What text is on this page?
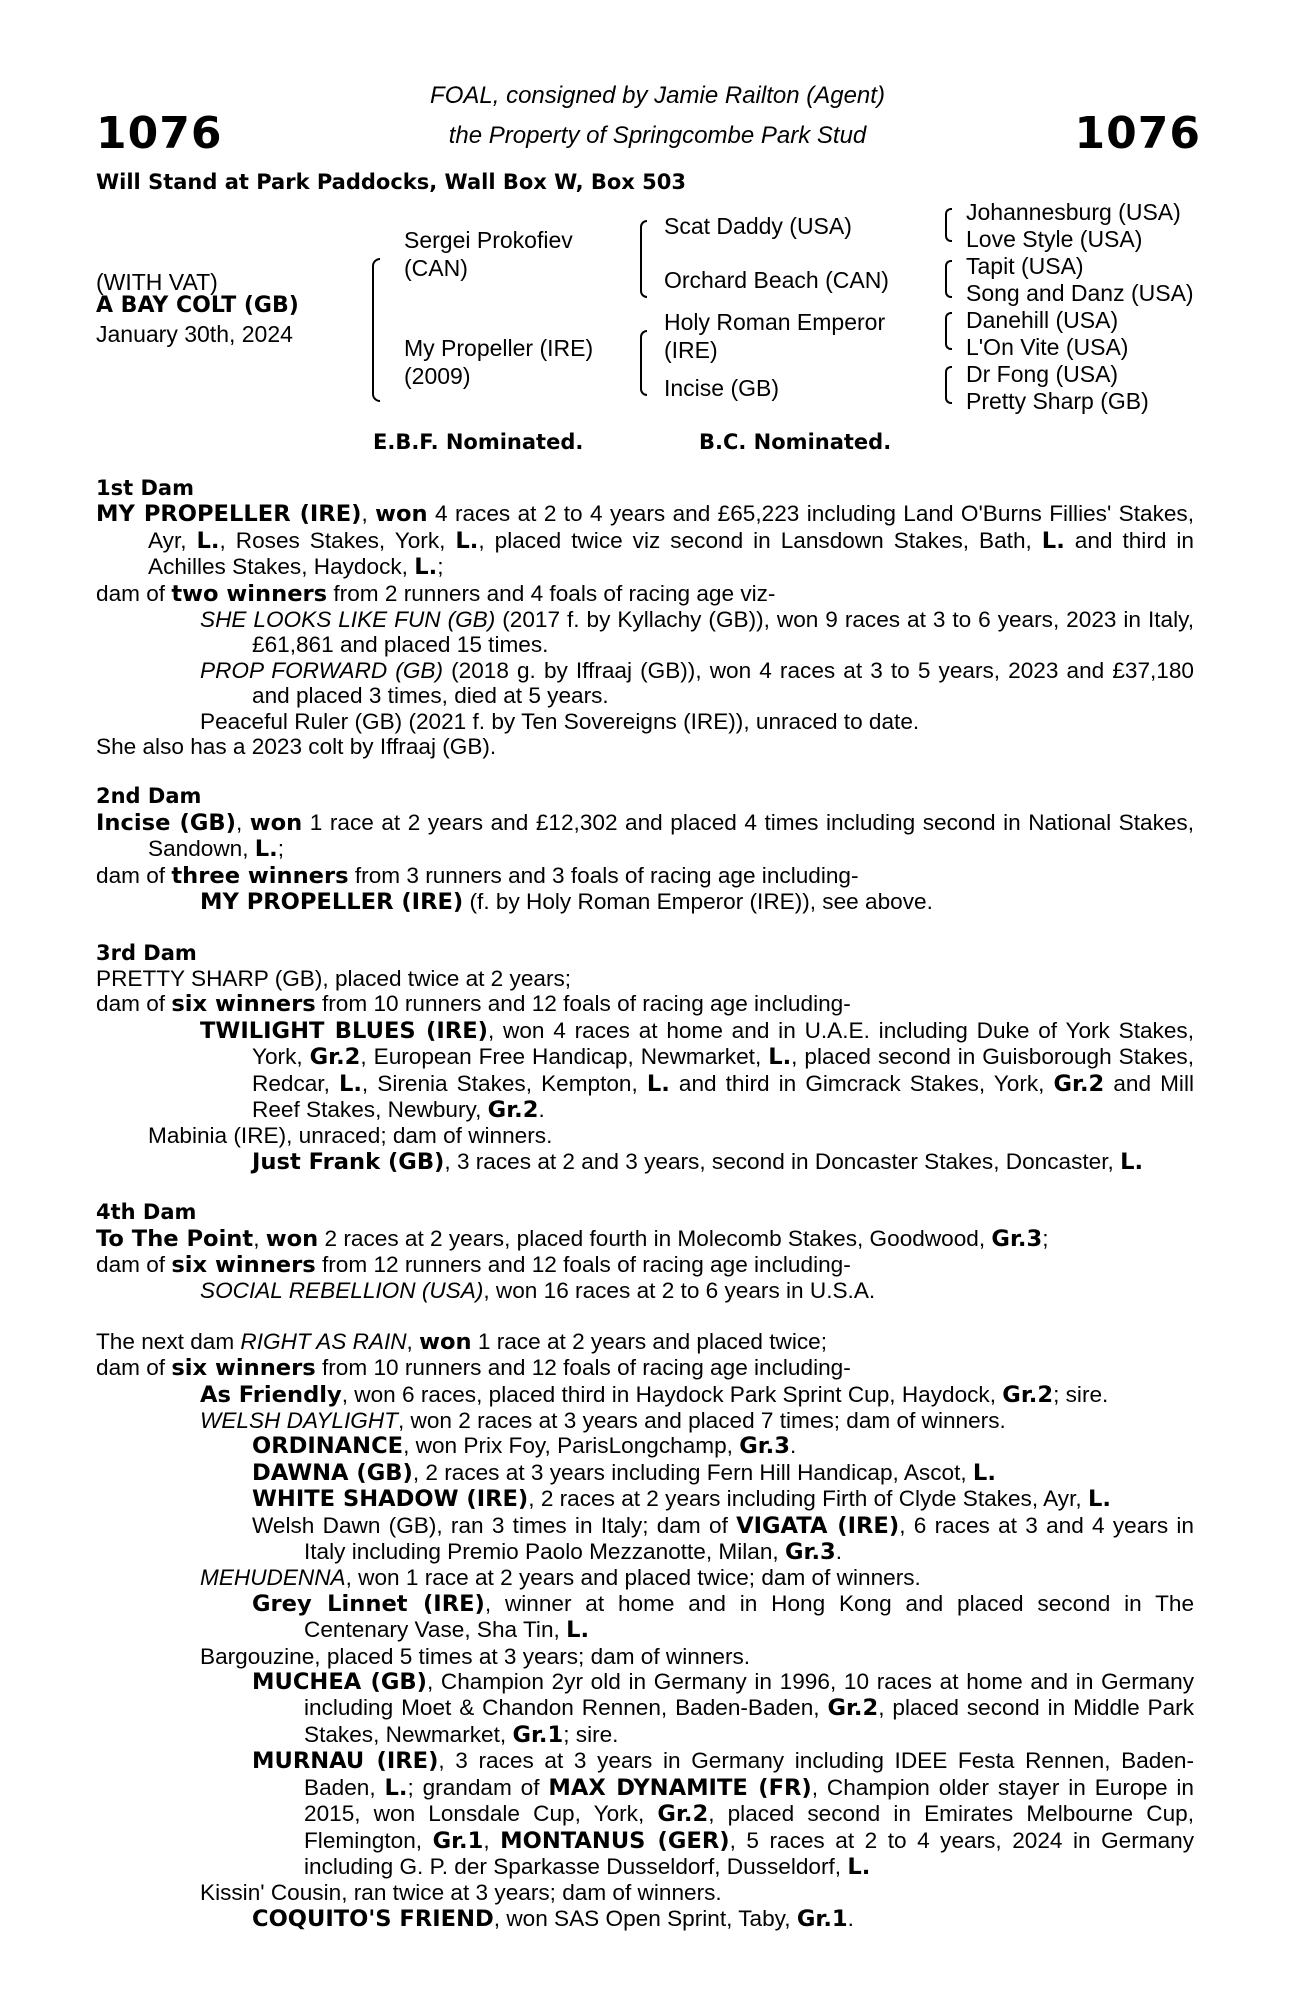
1076	1076
FOAL, consigned by Jamie Railton (Agent)
the Property of Springcombe Park Stud
Will Stand at Park Paddocks, Wall Box W, Box 503
(WITH VAT)
A BAY COLT (GB)
January 30th, 2024
Sergei Prokofiev
(CAN)
My Propeller (IRE)
(2009)
Scat Daddy (USA)
Orchard Beach (CAN)
Holy Roman Emperor
(IRE)
Incise (GB)
Johannesburg (USA)
Love Style (USA)
Tapit (USA)
Song and Danz (USA)
Danehill (USA)
L'On Vite (USA)
Dr Fong (USA)
Pretty Sharp (GB)
E.B.F. Nominated.	B.C. Nominated.
1st Dam
MY PROPELLER (IRE), won 4 races at 2 to 4 years and £65,223 including Land O'Burns Fillies' Stakes, Ayr, L., Roses Stakes, York, L., placed twice viz second in Lansdown Stakes, Bath, L. and third in Achilles Stakes, Haydock, L.;
dam of two winners from 2 runners and 4 foals of racing age viz-
SHE LOOKS LIKE FUN (GB) (2017 f. by Kyllachy (GB)), won 9 races at 3 to 6 years, 2023 in Italy, £61,861 and placed 15 times.
PROP FORWARD (GB) (2018 g. by Iffraaj (GB)), won 4 races at 3 to 5 years, 2023 and £37,180 and placed 3 times, died at 5 years.
Peaceful Ruler (GB) (2021 f. by Ten Sovereigns (IRE)), unraced to date.
She also has a 2023 colt by Iffraaj (GB).
2nd Dam
Incise (GB), won 1 race at 2 years and £12,302 and placed 4 times including second in National Stakes, Sandown, L.;
dam of three winners from 3 runners and 3 foals of racing age including-
MY PROPELLER (IRE) (f. by Holy Roman Emperor (IRE)), see above.
3rd Dam
PRETTY SHARP (GB), placed twice at 2 years;
dam of six winners from 10 runners and 12 foals of racing age including-
TWILIGHT BLUES (IRE), won 4 races at home and in U.A.E. including Duke of York Stakes, York, Gr.2, European Free Handicap, Newmarket, L., placed second in Guisborough Stakes, Redcar, L., Sirenia Stakes, Kempton, L. and third in Gimcrack Stakes, York, Gr.2 and Mill Reef Stakes, Newbury, Gr.2.
Mabinia (IRE), unraced; dam of winners.
Just Frank (GB), 3 races at 2 and 3 years, second in Doncaster Stakes, Doncaster, L.
4th Dam
To The Point, won 2 races at 2 years, placed fourth in Molecomb Stakes, Goodwood, Gr.3;
dam of six winners from 12 runners and 12 foals of racing age including-
SOCIAL REBELLION (USA), won 16 races at 2 to 6 years in U.S.A.
The next dam RIGHT AS RAIN, won 1 race at 2 years and placed twice;
dam of six winners from 10 runners and 12 foals of racing age including-
As Friendly, won 6 races, placed third in Haydock Park Sprint Cup, Haydock, Gr.2; sire.
WELSH DAYLIGHT, won 2 races at 3 years and placed 7 times; dam of winners.
ORDINANCE, won Prix Foy, ParisLongchamp, Gr.3.
DAWNA (GB), 2 races at 3 years including Fern Hill Handicap, Ascot, L.
WHITE SHADOW (IRE), 2 races at 2 years including Firth of Clyde Stakes, Ayr, L.
Welsh Dawn (GB), ran 3 times in Italy; dam of VIGATA (IRE), 6 races at 3 and 4 years in Italy including Premio Paolo Mezzanotte, Milan, Gr.3.
MEHUDENNA, won 1 race at 2 years and placed twice; dam of winners.
Grey Linnet (IRE), winner at home and in Hong Kong and placed second in The Centenary Vase, Sha Tin, L.
Bargouzine, placed 5 times at 3 years; dam of winners.
MUCHEA (GB), Champion 2yr old in Germany in 1996, 10 races at home and in Germany including Moet & Chandon Rennen, Baden-Baden, Gr.2, placed second in Middle Park Stakes, Newmarket, Gr.1; sire.
MURNAU (IRE), 3 races at 3 years in Germany including IDEE Festa Rennen, Baden-Baden, L.; grandam of MAX DYNAMITE (FR), Champion older stayer in Europe in 2015, won Lonsdale Cup, York, Gr.2, placed second in Emirates Melbourne Cup, Flemington, Gr.1, MONTANUS (GER), 5 races at 2 to 4 years, 2024 in Germany including G. P. der Sparkasse Dusseldorf, Dusseldorf, L.
Kissin' Cousin, ran twice at 3 years; dam of winners.
COQUITO'S FRIEND, won SAS Open Sprint, Taby, Gr.1.
